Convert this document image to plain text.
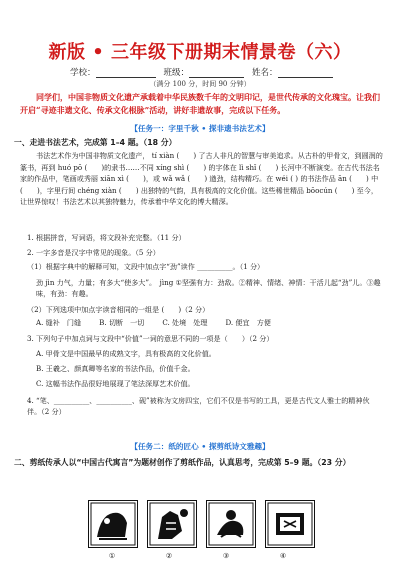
新版 • 三年级下册期末情景卷（六）
学校：	班级：	姓名：
（满分 100 分，时间 90 分钟）
同学们，中国非物质文化遗产承载着中华民族数千年的文明印记，是世代传承的文化瑰宝。让我们开启“寻迹非遗文化、传承文化根脉”活动，讲好非遗故事，完成以下任务。
【任务一：字里千秋 • 探非遗书法艺术】
一、走进书法艺术，完成第 1–4 题。（18 分）
书法艺术作为中国非物质文化遗产， tí xiàn (　　) 了古人非凡的智慧与审美追求。从古朴的甲骨文，到圆润的篆书，再到 huó pō (　　)的隶书……不同 xíng shì (　　) 的字体在 lì shǐ (　　) 长河中不断演变。在古代书法名家的作品中，笔画或秀丽 xiān xì (　　)，或 wǎ wǎ (　　) 遒劲，结构精巧。在 wéi ( ) 的书法作品 ān (　　) 中 (　　)，字里行间 chéng xiàn (　　) 出独特的气韵，具有极高的文化价值。这些稀世精品 bōocún (　　) 至今，让世界惊叹！书法艺术以其独特魅力，传承着中华文化的博大精深。
1. 根据拼音，写词语，将文段补充完整。（11 分）
2. 一字多音是汉字中常见的现象。（5 分）
（1）根据字典中的解释可知，文段中加点字“劲”读作 __________。（1 分）
劲 jìn 力气，力量；有多大“使多大”。　jìng ①坚强有力：劲敌。②精神、情绪、神情：干活儿起“劲”儿。③趣味，有劲：有趣。
（2）下列选项中加点字读音相同的一组是 (　　)（2 分）
A. 缝补　门缝	B. 切断　一切	C. 处境　处理	D. 便宜　方便
3. 下列句子中加点词与文段中“价值”一词的意思不同的一项是（　　）（2 分）
A. 甲骨文是中国最早的成熟文字，具有极高的文化价值。
B. 王羲之、颜真卿等名家的书法作品，价值千金。
C. 这幅书法作品很好地展现了笔法深厚艺术价值。
4. “笔、__________、__________、砚”被称为文房四宝，它们不仅是书写的工具，更是古代文人雅士的精神伙伴。（2 分）
【任务二：纸的匠心 • 探剪纸诗文雅趣】
二、剪纸传承人以“中国古代寓言”为题材创作了剪纸作品，认真思考，完成第 5–9 题。（23 分）
①	②	③	④
